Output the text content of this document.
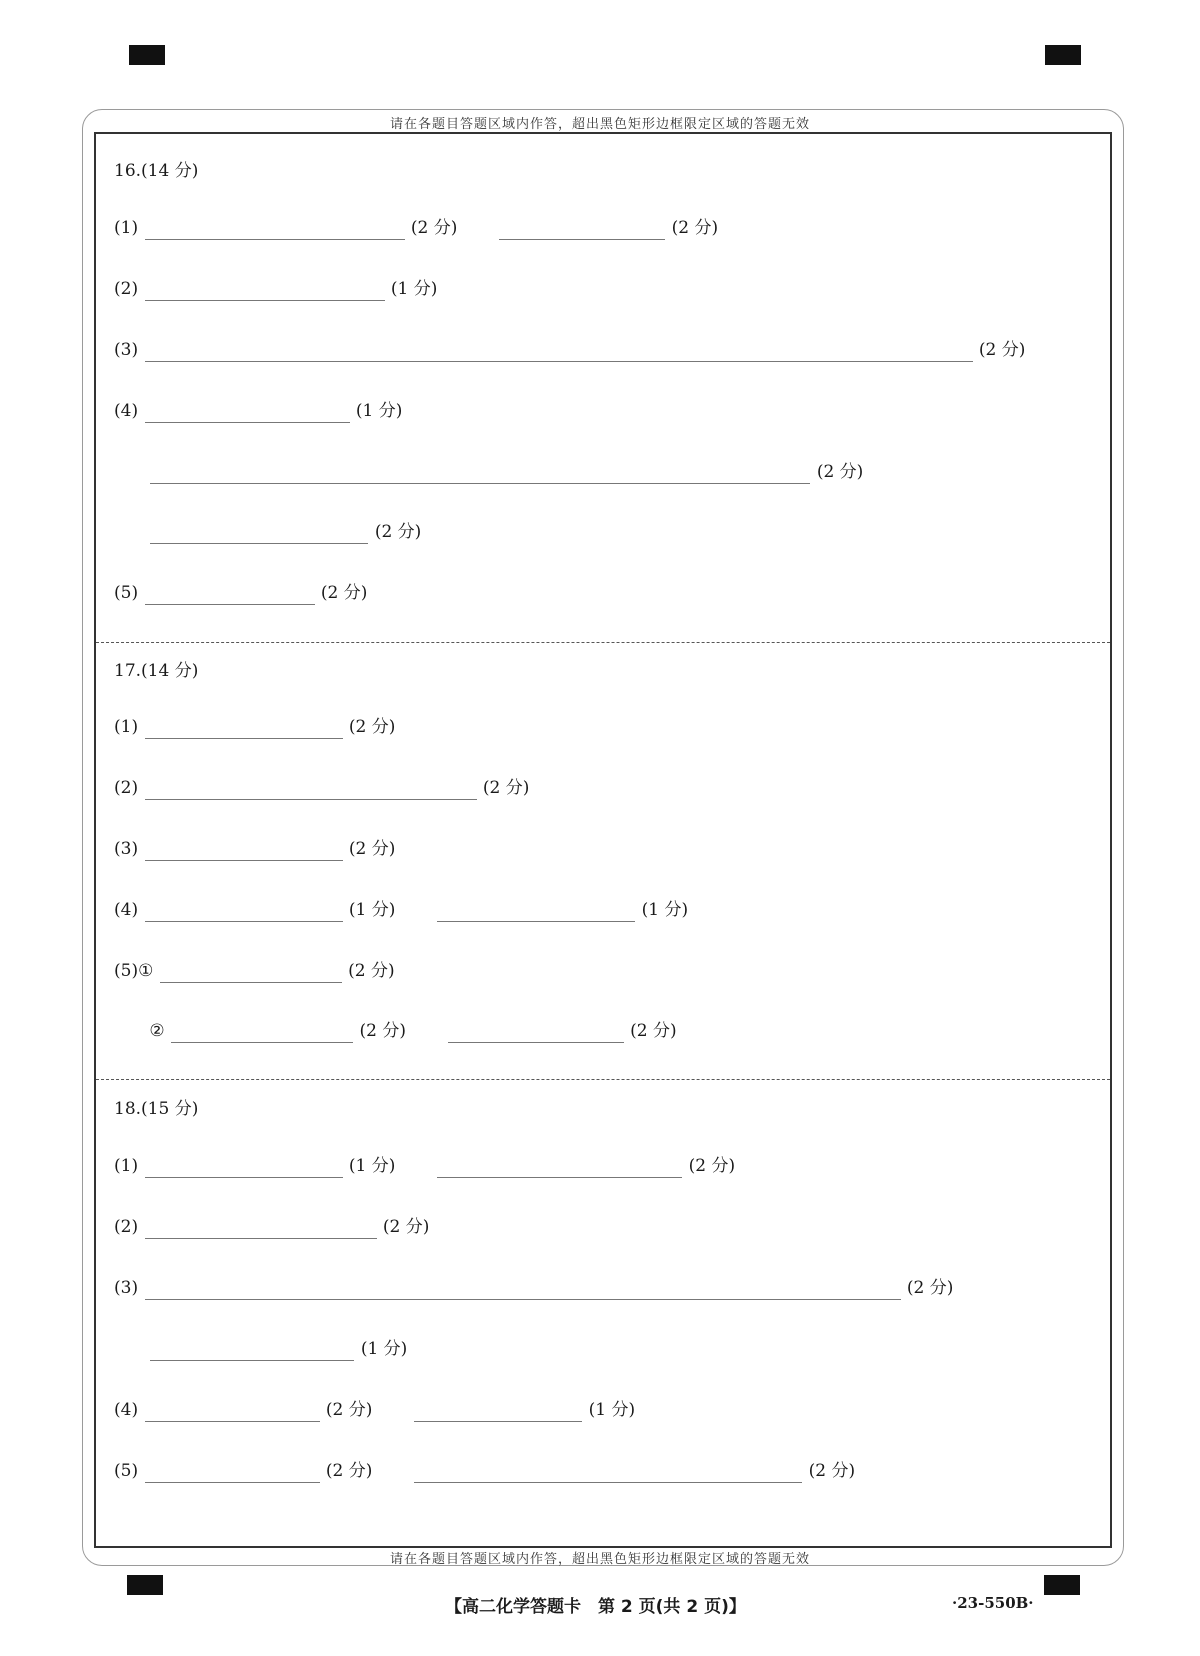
请在各题目答题区域内作答，超出黑色矩形边框限定区域的答题无效
请在各题目答题区域内作答，超出黑色矩形边框限定区域的答题无效
16.(14 分)
(1)	(2 分)	(2 分)
(2)	(1 分)
(3)	(2 分)
(4)	(1 分)
(2 分)
(2 分)
(5)	(2 分)
17.(14 分)
(1)	(2 分)
(2)	(2 分)
(3)	(2 分)
(4)	(1 分)	(1 分)
(5)①	(2 分)
②	(2 分)	(2 分)
18.(15 分)
(1)	(1 分)	(2 分)
(2)	(2 分)
(3)	(2 分)
(1 分)
(4)	(2 分)	(1 分)
(5)	(2 分)	(2 分)
【高二化学答题卡　第 2 页(共 2 页)】	·23-550B·
